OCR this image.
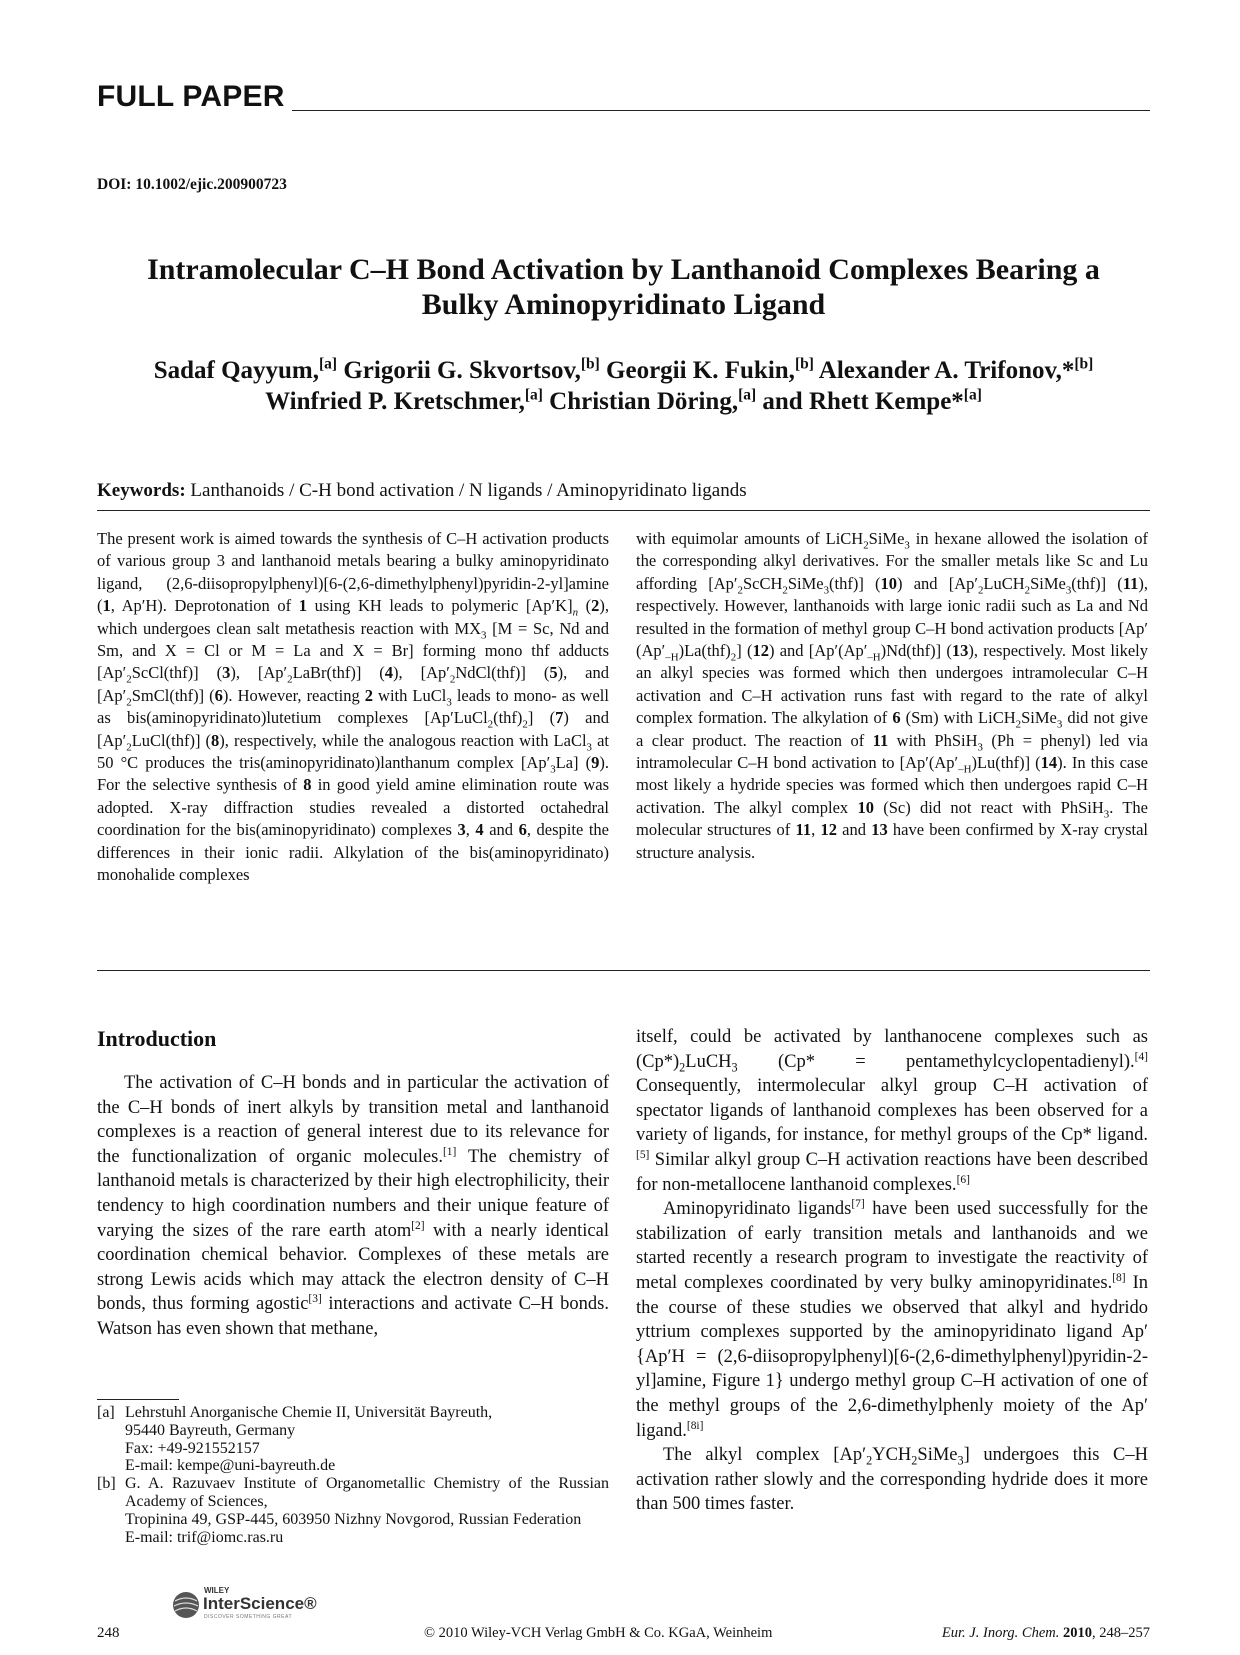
FULL PAPER
DOI: 10.1002/ejic.200900723
Intramolecular C–H Bond Activation by Lanthanoid Complexes Bearing a
Bulky Aminopyridinato Ligand
Sadaf Qayyum,[a] Grigorii G. Skvortsov,[b] Georgii K. Fukin,[b] Alexander A. Trifonov,*[b]
Winfried P. Kretschmer,[a] Christian Döring,[a] and Rhett Kempe*[a]
Keywords: Lanthanoids / C-H bond activation / N ligands / Aminopyridinato ligands
The present work is aimed towards the synthesis of C–H activation products of various group 3 and lanthanoid metals bearing a bulky aminopyridinato ligand, (2,6-diisopropylphenyl)[6-(2,6-dimethylphenyl)pyridin-2-yl]amine (1, Ap′H). Deprotonation of 1 using KH leads to polymeric $[Ap'K]_n$ (2), which undergoes clean salt metathesis reaction with $MX_3$ [M = Sc, Nd and Sm, and X = Cl or M = La and X = Br] forming mono thf adducts $[Ap'_2ScCl(thf)]$ (3), $[Ap'_2LaBr(thf)]$ (4), $[Ap'_2NdCl(thf)]$ (5), and $[Ap'_2SmCl(thf)]$ (6). However, reacting 2 with LuCl$_3$ leads to mono- as well as bis(aminopyridinato)lutetium complexes $[Ap'LuCl_2(thf)_2]$ (7) and $[Ap'_2LuCl(thf)]$ (8), respectively, while the analogous reaction with LaCl$_3$ at 50 °C produces the tris(aminopyridinato)lanthanum complex $[Ap'_3La]$ (9). For the selective synthesis of 8 in good yield amine elimination route was adopted. X-ray diffraction studies revealed a distorted octahedral coordination for the bis(aminopyridinato) complexes 3, 4 and 6, despite the differences in their ionic radii. Alkylation of the bis(aminopyridinato) monohalide complexes
with equimolar amounts of LiCH$_2$SiMe$_3$ in hexane allowed the isolation of the corresponding alkyl derivatives. For the smaller metals like Sc and Lu affording $[Ap'_2ScCH_2SiMe_3(thf)]$ (10) and $[Ap'_2LuCH_2SiMe_3(thf)]$ (11), respectively. However, lanthanoids with large ionic radii such as La and Nd resulted in the formation of methyl group C–H bond activation products $[Ap'(Ap'_{-H})La(thf)_2]$ (12) and $[Ap'(Ap'_{-H})Nd(thf)]$ (13), respectively. Most likely an alkyl species was formed which then undergoes intramolecular C–H activation and C–H activation runs fast with regard to the rate of alkyl complex formation. The alkylation of 6 (Sm) with LiCH$_2$SiMe$_3$ did not give a clear product. The reaction of 11 with PhSiH$_3$ (Ph = phenyl) led via intramolecular C–H bond activation to $[Ap'(Ap'_{-H})Lu(thf)]$ (14). In this case most likely a hydride species was formed which then undergoes rapid C–H activation. The alkyl complex 10 (Sc) did not react with PhSiH$_3$. The molecular structures of 11, 12 and 13 have been confirmed by X-ray crystal structure analysis.
Introduction

The activation of C–H bonds and in particular the activation of the C–H bonds of inert alkyls by transition metal and lanthanoid complexes is a reaction of general interest due to its relevance for the functionalization of organic molecules.[1] The chemistry of lanthanoid metals is characterized by their high electrophilicity, their tendency to high coordination numbers and their unique feature of varying the sizes of the rare earth atom[2] with a nearly identical coordination chemical behavior. Complexes of these metals are strong Lewis acids which may attack the electron density of C–H bonds, thus forming agostic[3] interactions and activate C–H bonds. Watson has even shown that methane,

itself, could be activated by lanthanocene complexes such as $(Cp*)_2LuCH_3$ (Cp* = pentamethylcyclopentadienyl).[4] Consequently, intermolecular alkyl group C–H activation of spectator ligands of lanthanoid complexes has been observed for a variety of ligands, for instance, for methyl groups of the Cp* ligand.[5] Similar alkyl group C–H activation reactions have been described for non-metallocene lanthanoid complexes.[6]

Aminopyridinato ligands[7] have been used successfully for the stabilization of early transition metals and lanthanoids and we started recently a research program to investigate the reactivity of metal complexes coordinated by very bulky aminopyridinates.[8] In the course of these studies we observed that alkyl and hydrido yttrium complexes supported by the aminopyridinato ligand Ap′ {Ap′H = (2,6-diisopropylphenyl)[6-(2,6-dimethylphenyl)pyridin-2-yl]amine, Figure 1} undergo methyl group C–H activation of one of the methyl groups of the 2,6-dimethylphenly moiety of the Ap′ ligand.[8i]

The alkyl complex $[Ap'_2YCH_2SiMe_3]$ undergoes this C–H activation rather slowly and the corresponding hydride does it more than 500 times faster.

[a] Lehrstuhl Anorganische Chemie II, Universität Bayreuth,
95440 Bayreuth, Germany
Fax: +49-921552157
E-mail: kempe@uni-bayreuth.de
[b] G. A. Razuvaev Institute of Organometallic Chemistry of the Russian Academy of Sciences,
Tropinina 49, GSP-445, 603950 Nizhny Novgorod, Russian Federation
E-mail: trif@iomc.ras.ru
248
WILEY
InterScience®
DISCOVER SOMETHING GREAT
© 2010 Wiley-VCH Verlag GmbH & Co. KGaA, Weinheim	Eur. J. Inorg. Chem. 2010, 248–257
